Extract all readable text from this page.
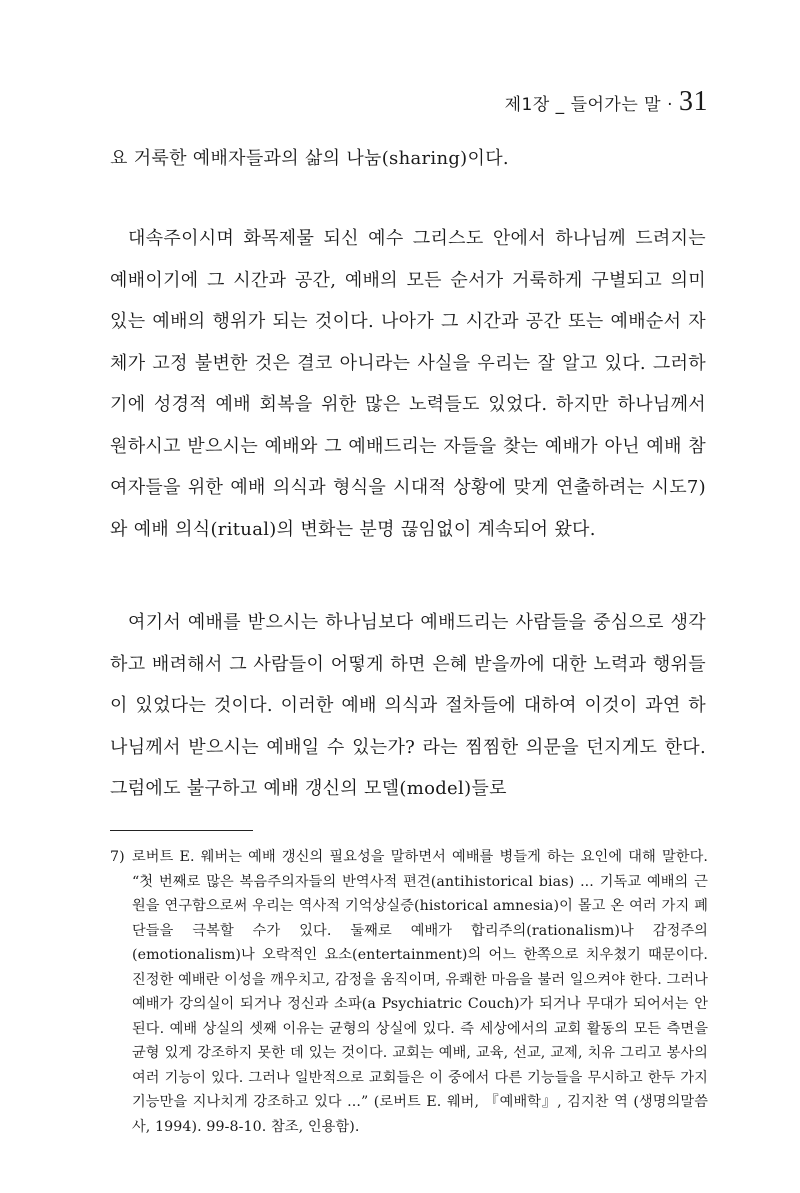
제1장 _ 들어가는 말 · 31

요 거룩한 예배자들과의 삶의 나눔(sharing)이다.

대속주이시며 화목제물 되신 예수 그리스도 안에서 하나님께 드려지는 예배이기에 그 시간과 공간, 예배의 모든 순서가 거룩하게 구별되고 의미 있는 예배의 행위가 되는 것이다. 나아가 그 시간과 공간 또는 예배순서 자체가 고정 불변한 것은 결코 아니라는 사실을 우리는 잘 알고 있다. 그러하기에 성경적 예배 회복을 위한 많은 노력들도 있었다. 하지만 하나님께서 원하시고 받으시는 예배와 그 예배드리는 자들을 찾는 예배가 아닌 예배 참여자들을 위한 예배 의식과 형식을 시대적 상황에 맞게 연출하려는 시도7)와 예배 의식(ritual)의 변화는 분명 끊임없이 계속되어 왔다.

여기서 예배를 받으시는 하나님보다 예배드리는 사람들을 중심으로 생각하고 배려해서 그 사람들이 어떻게 하면 은혜 받을까에 대한 노력과 행위들이 있었다는 것이다. 이러한 예배 의식과 절차들에 대하여 이것이 과연 하나님께서 받으시는 예배일 수 있는가? 라는 찜찜한 의문을 던지게도 한다. 그럼에도 불구하고 예배 갱신의 모델(model)들로

7) 로버트 E. 웨버는 예배 갱신의 필요성을 말하면서 예배를 병들게 하는 요인에 대해 말한다. “첫 번째로 많은 복음주의자들의 반역사적 편견(antihistorical bias) ... 기독교 예배의 근원을 연구함으로써 우리는 역사적 기억상실증(historical amnesia)이 몰고 온 여러 가지 폐단들을 극복할 수가 있다. 둘째로 예배가 합리주의(rationalism)나 감정주의(emotionalism)나 오락적인 요소(entertainment)의 어느 한쪽으로 치우쳤기 때문이다. 진정한 예배란 이성을 깨우치고, 감정을 움직이며, 유쾌한 마음을 불러 일으켜야 한다. 그러나 예배가 강의실이 되거나 정신과 소파(a Psychiatric Couch)가 되거나 무대가 되어서는 안 된다. 예배 상실의 셋째 이유는 균형의 상실에 있다. 즉 세상에서의 교회 활동의 모든 측면을 균형 있게 강조하지 못한 데 있는 것이다. 교회는 예배, 교육, 선교, 교제, 치유 그리고 봉사의 여러 기능이 있다. 그러나 일반적으로 교회들은 이 중에서 다른 기능들을 무시하고 한두 가지 기능만을 지나치게 강조하고 있다 ...” (로버트 E. 웨버, 『예배학』, 김지찬 역 (생명의말씀사, 1994). 99-8-10. 참조, 인용함).
